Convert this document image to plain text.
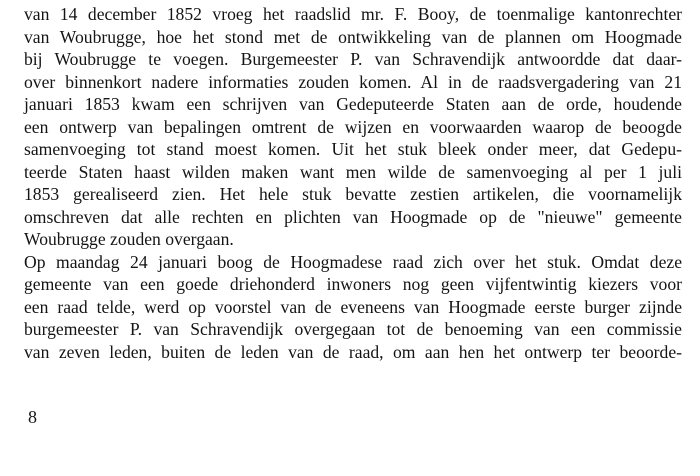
van 14 december 1852 vroeg het raadslid mr. F. Booy, de toenmalige kantonrechter
van Woubrugge, hoe het stond met de ontwikkeling van de plannen om Hoogmade
bij Woubrugge te voegen. Burgemeester P. van Schravendijk antwoordde dat daar-
over binnenkort nadere informaties zouden komen. Al in de raadsvergadering van 21
januari 1853 kwam een schrijven van Gedeputeerde Staten aan de orde, houdende
een ontwerp van bepalingen omtrent de wijzen en voorwaarden waarop de beoogde
samenvoeging tot stand moest komen. Uit het stuk bleek onder meer, dat Gedepu-
teerde Staten haast wilden maken want men wilde de samenvoeging al per 1 juli
1853 gerealiseerd zien. Het hele stuk bevatte zestien artikelen, die voornamelijk
omschreven dat alle rechten en plichten van Hoogmade op de "nieuwe" gemeente
Woubrugge zouden overgaan.
Op maandag 24 januari boog de Hoogmadese raad zich over het stuk. Omdat deze
gemeente van een goede driehonderd inwoners nog geen vijfentwintig kiezers voor
een raad telde, werd op voorstel van de eveneens van Hoogmade eerste burger zijnde
burgemeester P. van Schravendijk overgegaan tot de benoeming van een commissie
van zeven leden, buiten de leden van de raad, om aan hen het ontwerp ter beoorde-
8
